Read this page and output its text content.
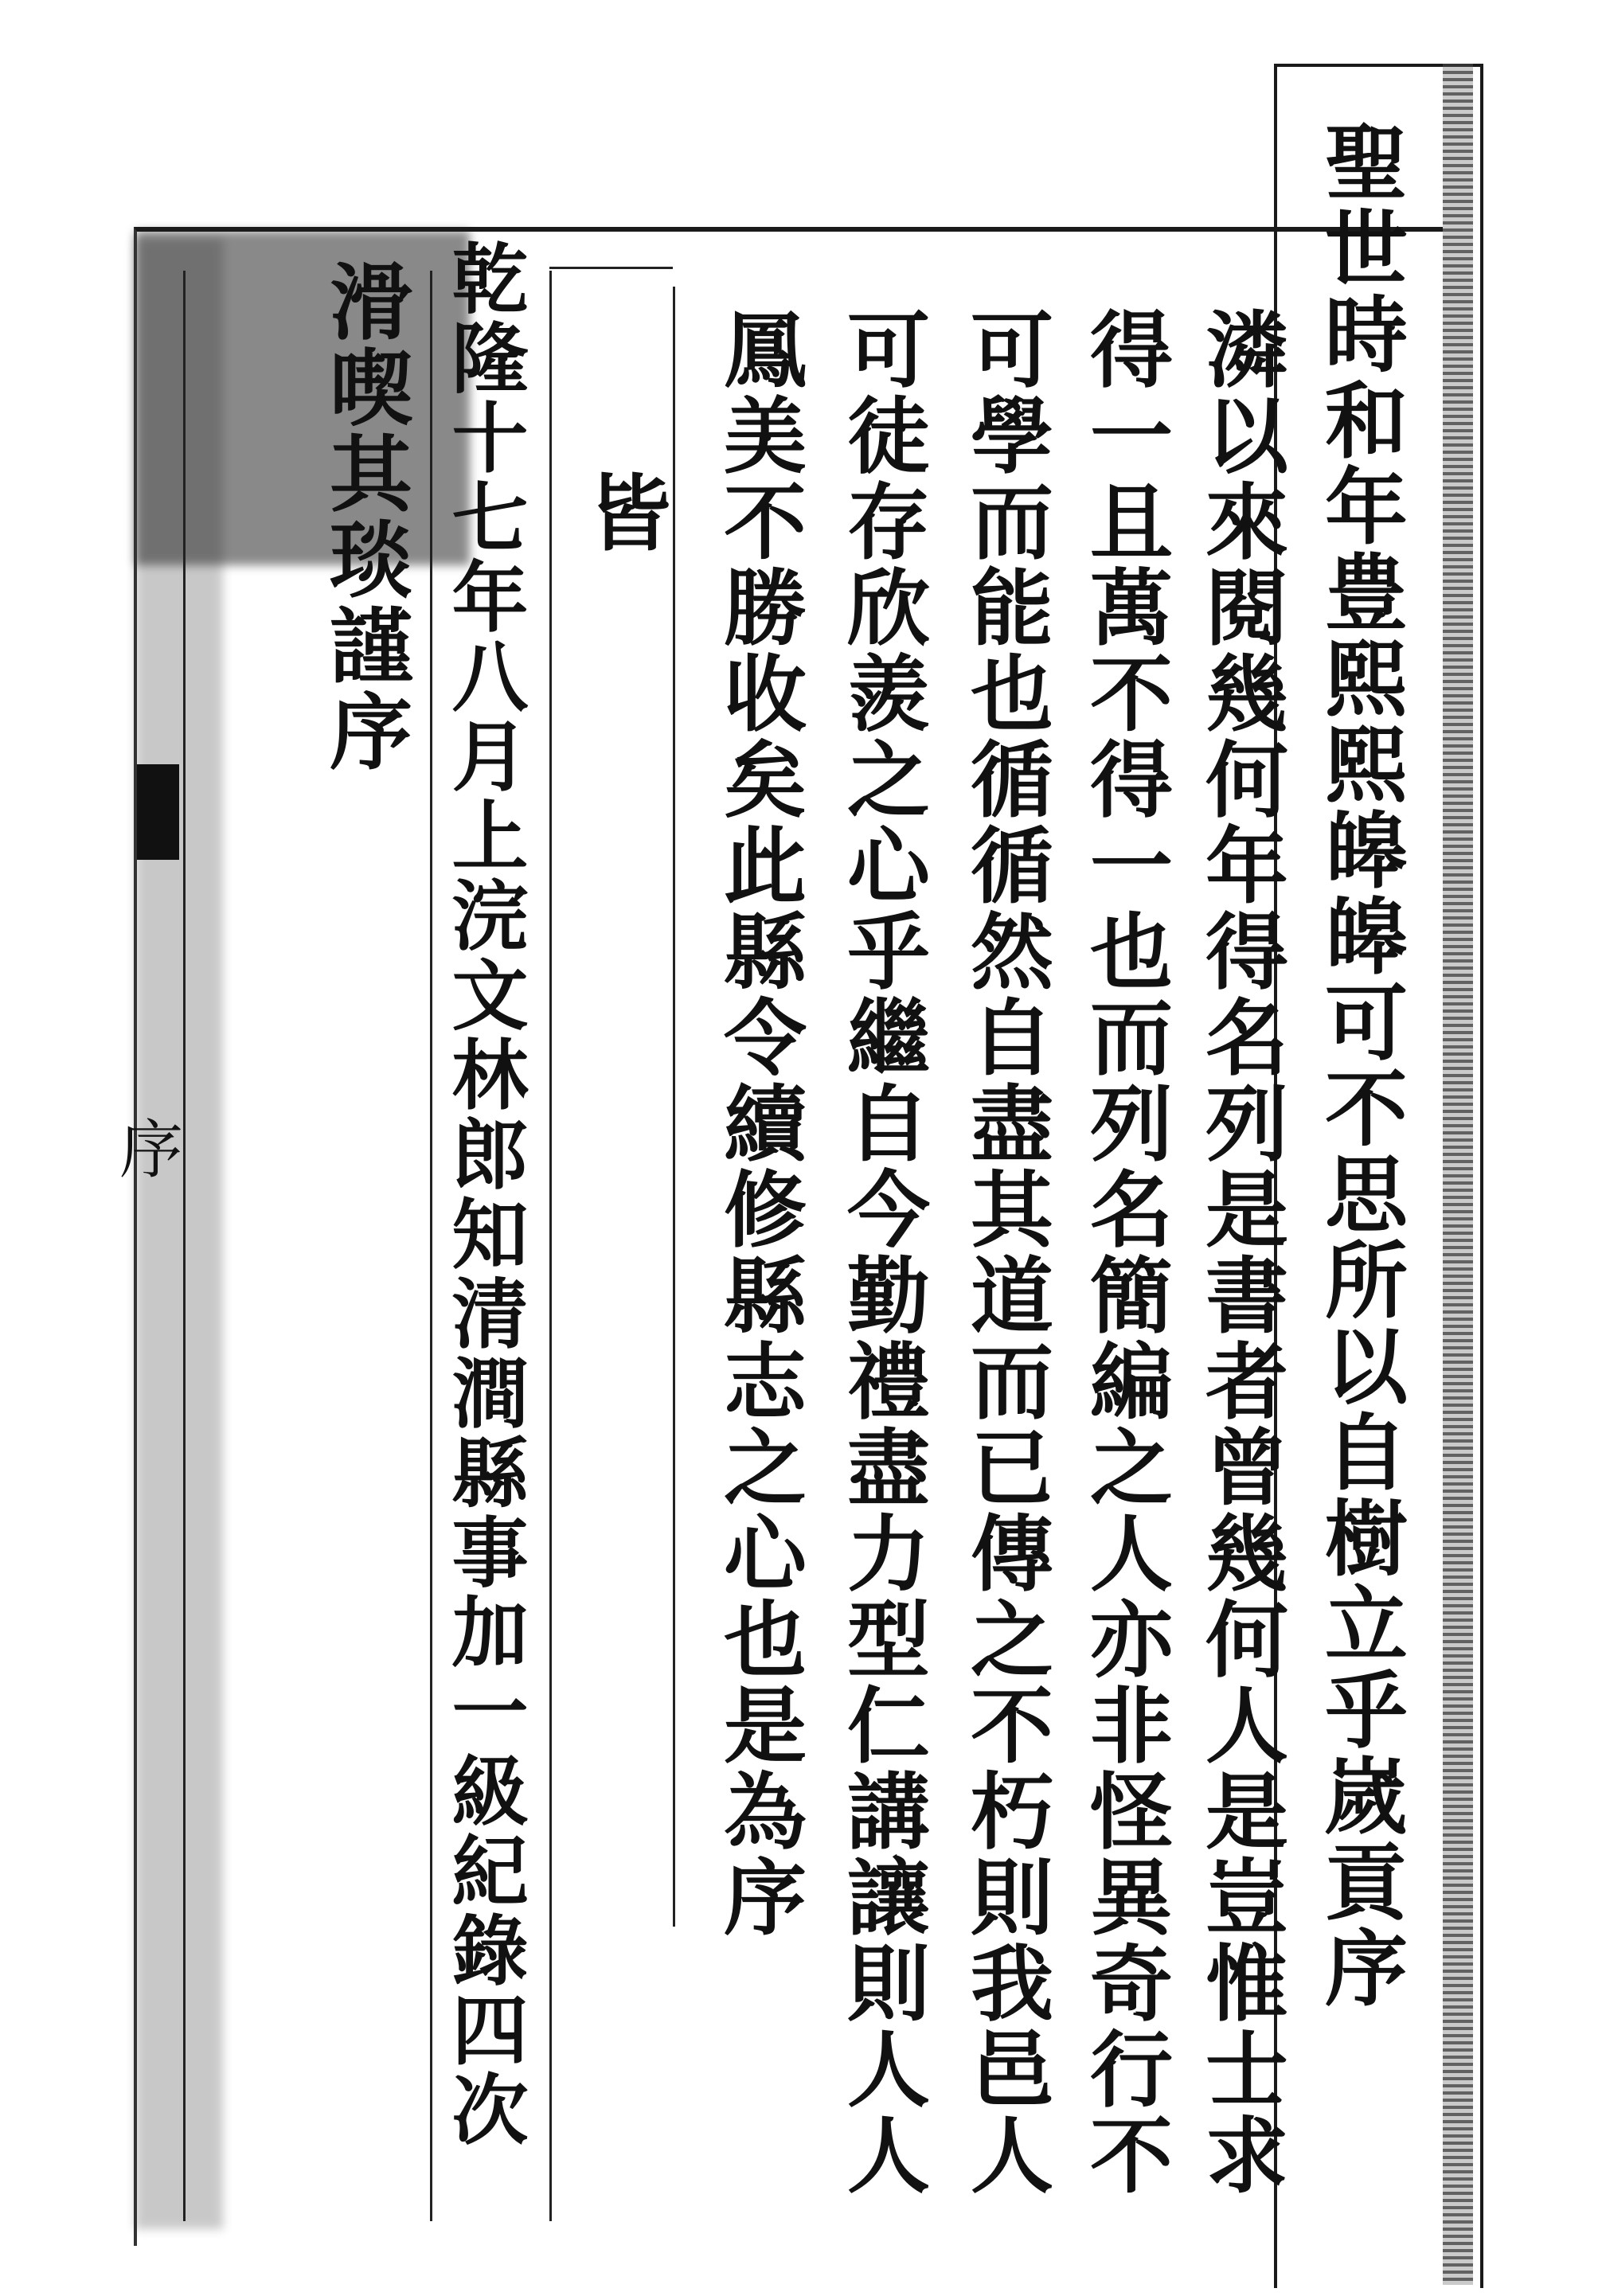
聖世時和年豊熙熙皞皞可不思所以自樹立乎嵗貢序
潾以來閱幾何年得名列是書者曾幾何人是豈惟士求
得一且萬不得一也而列名簡編之人亦非怪異奇行不
可學而能也循循然自盡其道而已傳之不朽則我邑人
可徒存欣羨之心乎繼自今勤禮盡力型仁講讓則人人
鳳美不勝收矣此縣令續修縣志之心也是為序
皆
乾隆十七年八月上浣文林郎知清澗縣事加一級紀錄四次
滑喫其琰謹序
序
